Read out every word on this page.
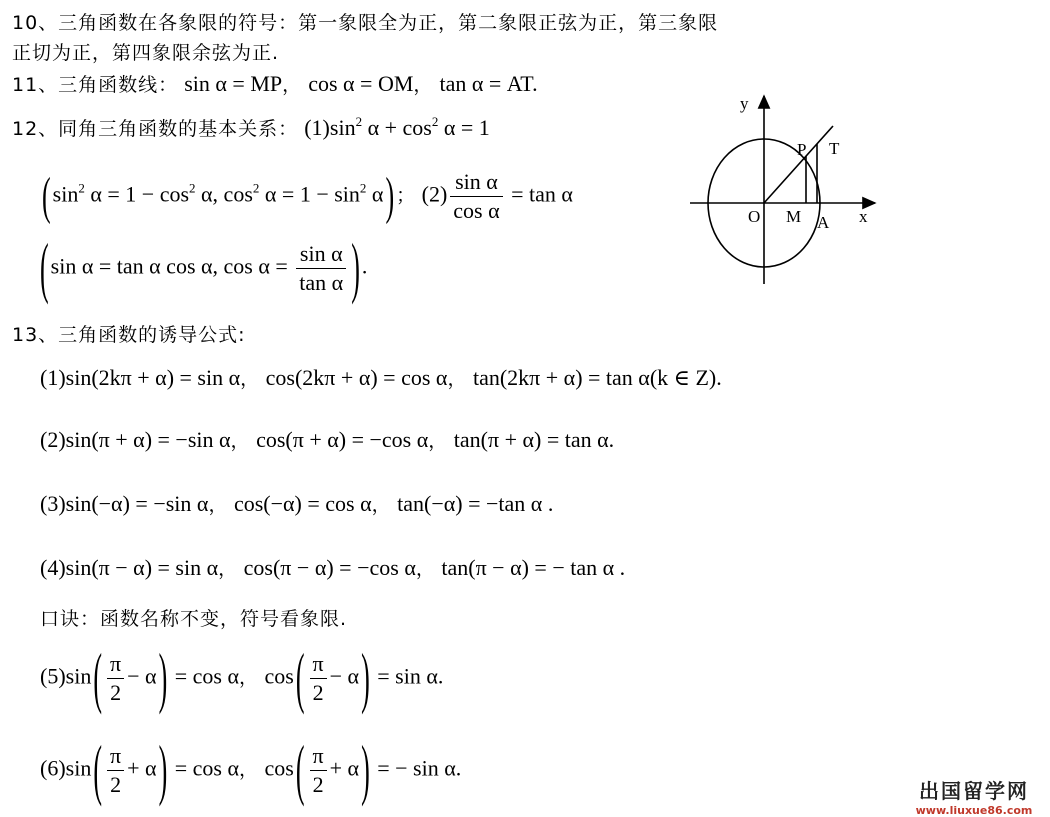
10、三角函数在各象限的符号：第一象限全为正，第二象限正弦为正，第三象限
正切为正，第四象限余弦为正.
11、三角函数线： sin α = MP， cos α = OM， tan α = AT.
12、同角三角函数的基本关系： $(1)\sin^2$ $\alpha + \cos^2 \alpha = 1$
($\sin^2$ $\alpha = 1 - \cos^2 \alpha$, $\cos^2 \alpha = 1 - \sin^2 \alpha$) ； $(2) \frac{\text{sin α}}{\text{cos α}} = \tan \alpha$
(sin α = tan α cos α, $\cos \alpha = \frac{\text{sin α}}{\text{tan α}}$ ).
y
x
O M A
P T
13、三角函数的诱导公式:
(1)sin(2kπ + α) = sin α， cos(2kπ + α) = cos α， tan(2kπ + α) = tan α(k ∈ Z).
(2)sin(π + α) = −sin α， cos(π + α) = −cos α， tan(π + α) = tan α.
(3)sin(−α) = −sin α， cos(−α) = cos α， tan(−α) = −tan α .
(4)sin(π − α) = sin α， cos(π − α) = −cos α， tan(π − α) = − tan α .
口诀：函数名称不变，符号看象限.
$(5)\sin( \frac{\pi}{2} - \alpha) = \cos \alpha$， $\cos( \frac{\pi}{2} - \alpha) = \sin \alpha$.
$(6)\sin( \frac{\pi}{2} + \alpha) = \cos \alpha$， $\cos( \frac{\pi}{2} + \alpha)$ = − sin α.
出国留学网
www.liuxue86.com
